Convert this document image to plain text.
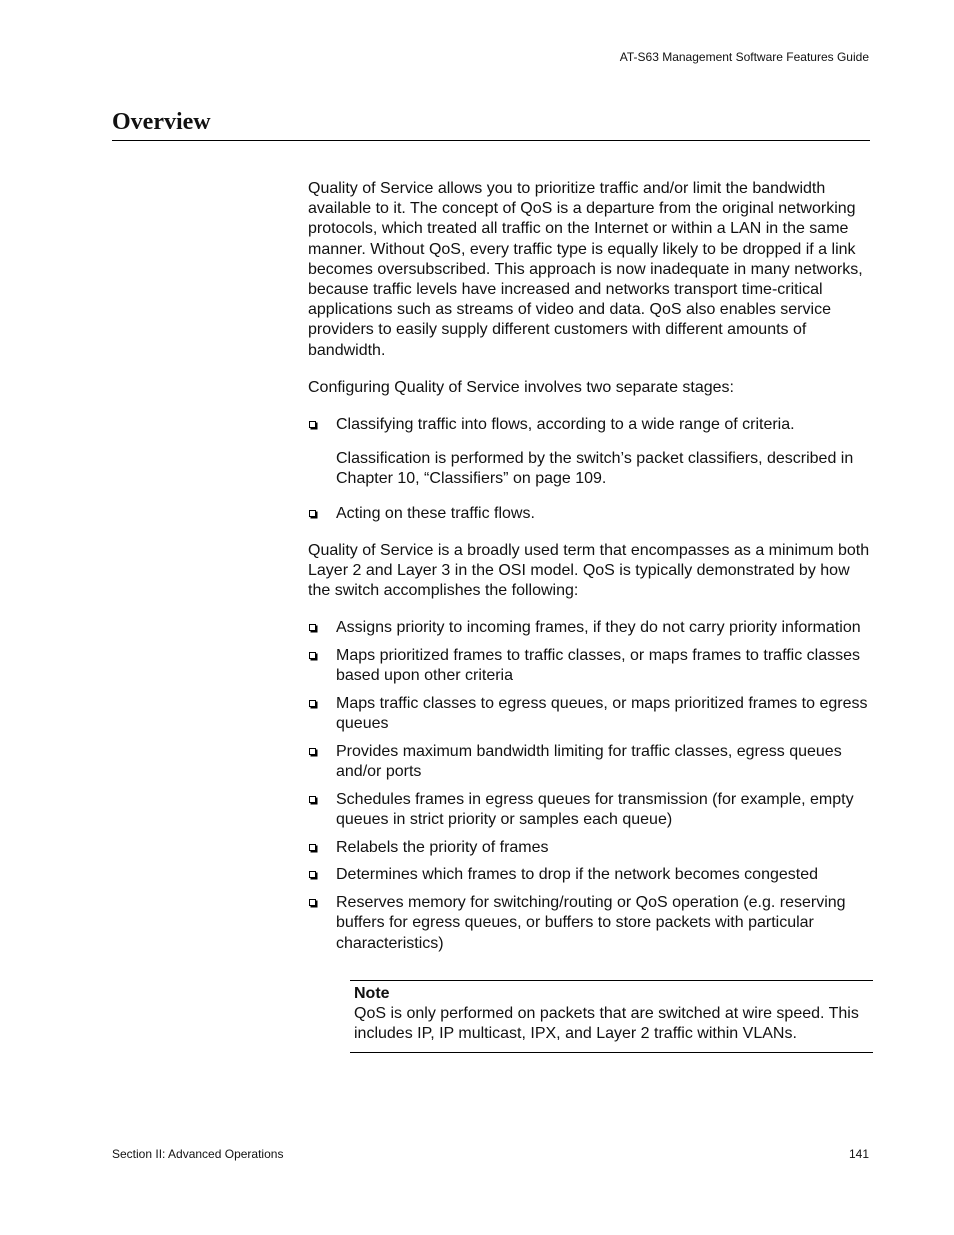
AT-S63 Management Software Features Guide
Overview

Quality of Service allows you to prioritize traffic and/or limit the bandwidth available to it. The concept of QoS is a departure from the original networking protocols, which treated all traffic on the Internet or within a LAN in the same manner. Without QoS, every traffic type is equally likely to be dropped if a link becomes oversubscribed. This approach is now inadequate in many networks, because traffic levels have increased and networks transport time-critical applications such as streams of video and data. QoS also enables service providers to easily supply different customers with different amounts of bandwidth.

Configuring Quality of Service involves two separate stages:

Classifying traffic into flows, according to a wide range of criteria.

Classification is performed by the switch’s packet classifiers, described in Chapter 10, “Classifiers” on page 109.

Acting on these traffic flows.

Quality of Service is a broadly used term that encompasses as a minimum both Layer 2 and Layer 3 in the OSI model. QoS is typically demonstrated by how the switch accomplishes the following:

Assigns priority to incoming frames, if they do not carry priority information
Maps prioritized frames to traffic classes, or maps frames to traffic classes based upon other criteria
Maps traffic classes to egress queues, or maps prioritized frames to egress queues
Provides maximum bandwidth limiting for traffic classes, egress queues and/or ports
Schedules frames in egress queues for transmission (for example, empty queues in strict priority or samples each queue)
Relabels the priority of frames
Determines which frames to drop if the network becomes congested
Reserves memory for switching/routing or QoS operation (e.g. reserving buffers for egress queues, or buffers to store packets with particular characteristics)
Note
QoS is only performed on packets that are switched at wire speed. This includes IP, IP multicast, IPX, and Layer 2 traffic within VLANs.
Section II: Advanced Operations	141
